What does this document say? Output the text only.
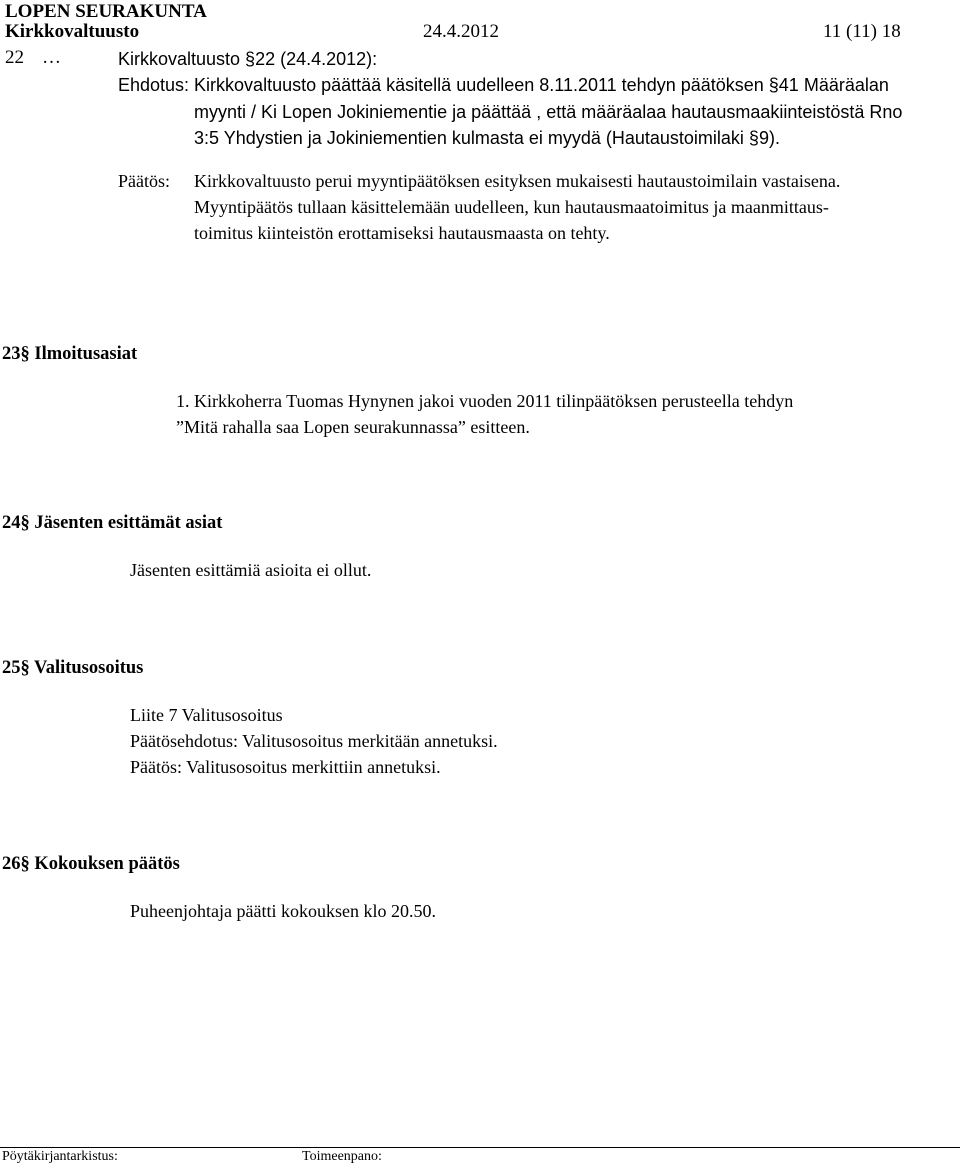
LOPEN SEURAKUNTA
Kirkkovaltuusto	24.4.2012	11 (11) 18
22 …	Kirkkovaltuusto §22 (24.4.2012):
Ehdotus: Kirkkovaltuusto päättää käsitellä uudelleen 8.11.2011 tehdyn päätöksen §41 Määräalan
myynti / Ki Lopen Jokiniementie ja päättää , että määräalaa hautausmaakiinteistöstä Rno
3:5 Yhdystien ja Jokiniementien kulmasta ei myydä (Hautaustoimilaki §9).
Päätös: Kirkkovaltuusto perui myyntipäätöksen esityksen mukaisesti hautaustoimilain vastaisena.
Myyntipäätös tullaan käsittelemään uudelleen, kun hautausmaatoimitus ja maanmittaus-
toimitus kiinteistön erottamiseksi hautausmaasta on tehty.
23§ Ilmoitusasiat
1. Kirkkoherra Tuomas Hynynen jakoi vuoden 2011 tilinpäätöksen perusteella tehdyn
”Mitä rahalla saa Lopen seurakunnassa” esitteen.
24§ Jäsenten esittämät asiat
Jäsenten esittämiä asioita ei ollut.
25§ Valitusosoitus
Liite 7 Valitusosoitus
Päätösehdotus: Valitusosoitus merkitään annetuksi.
Päätös: Valitusosoitus merkittiin annetuksi.
26§ Kokouksen päätös
Puheenjohtaja päätti kokouksen klo 20.50.
Pöytäkirjantarkistus:	Toimeenpano:
